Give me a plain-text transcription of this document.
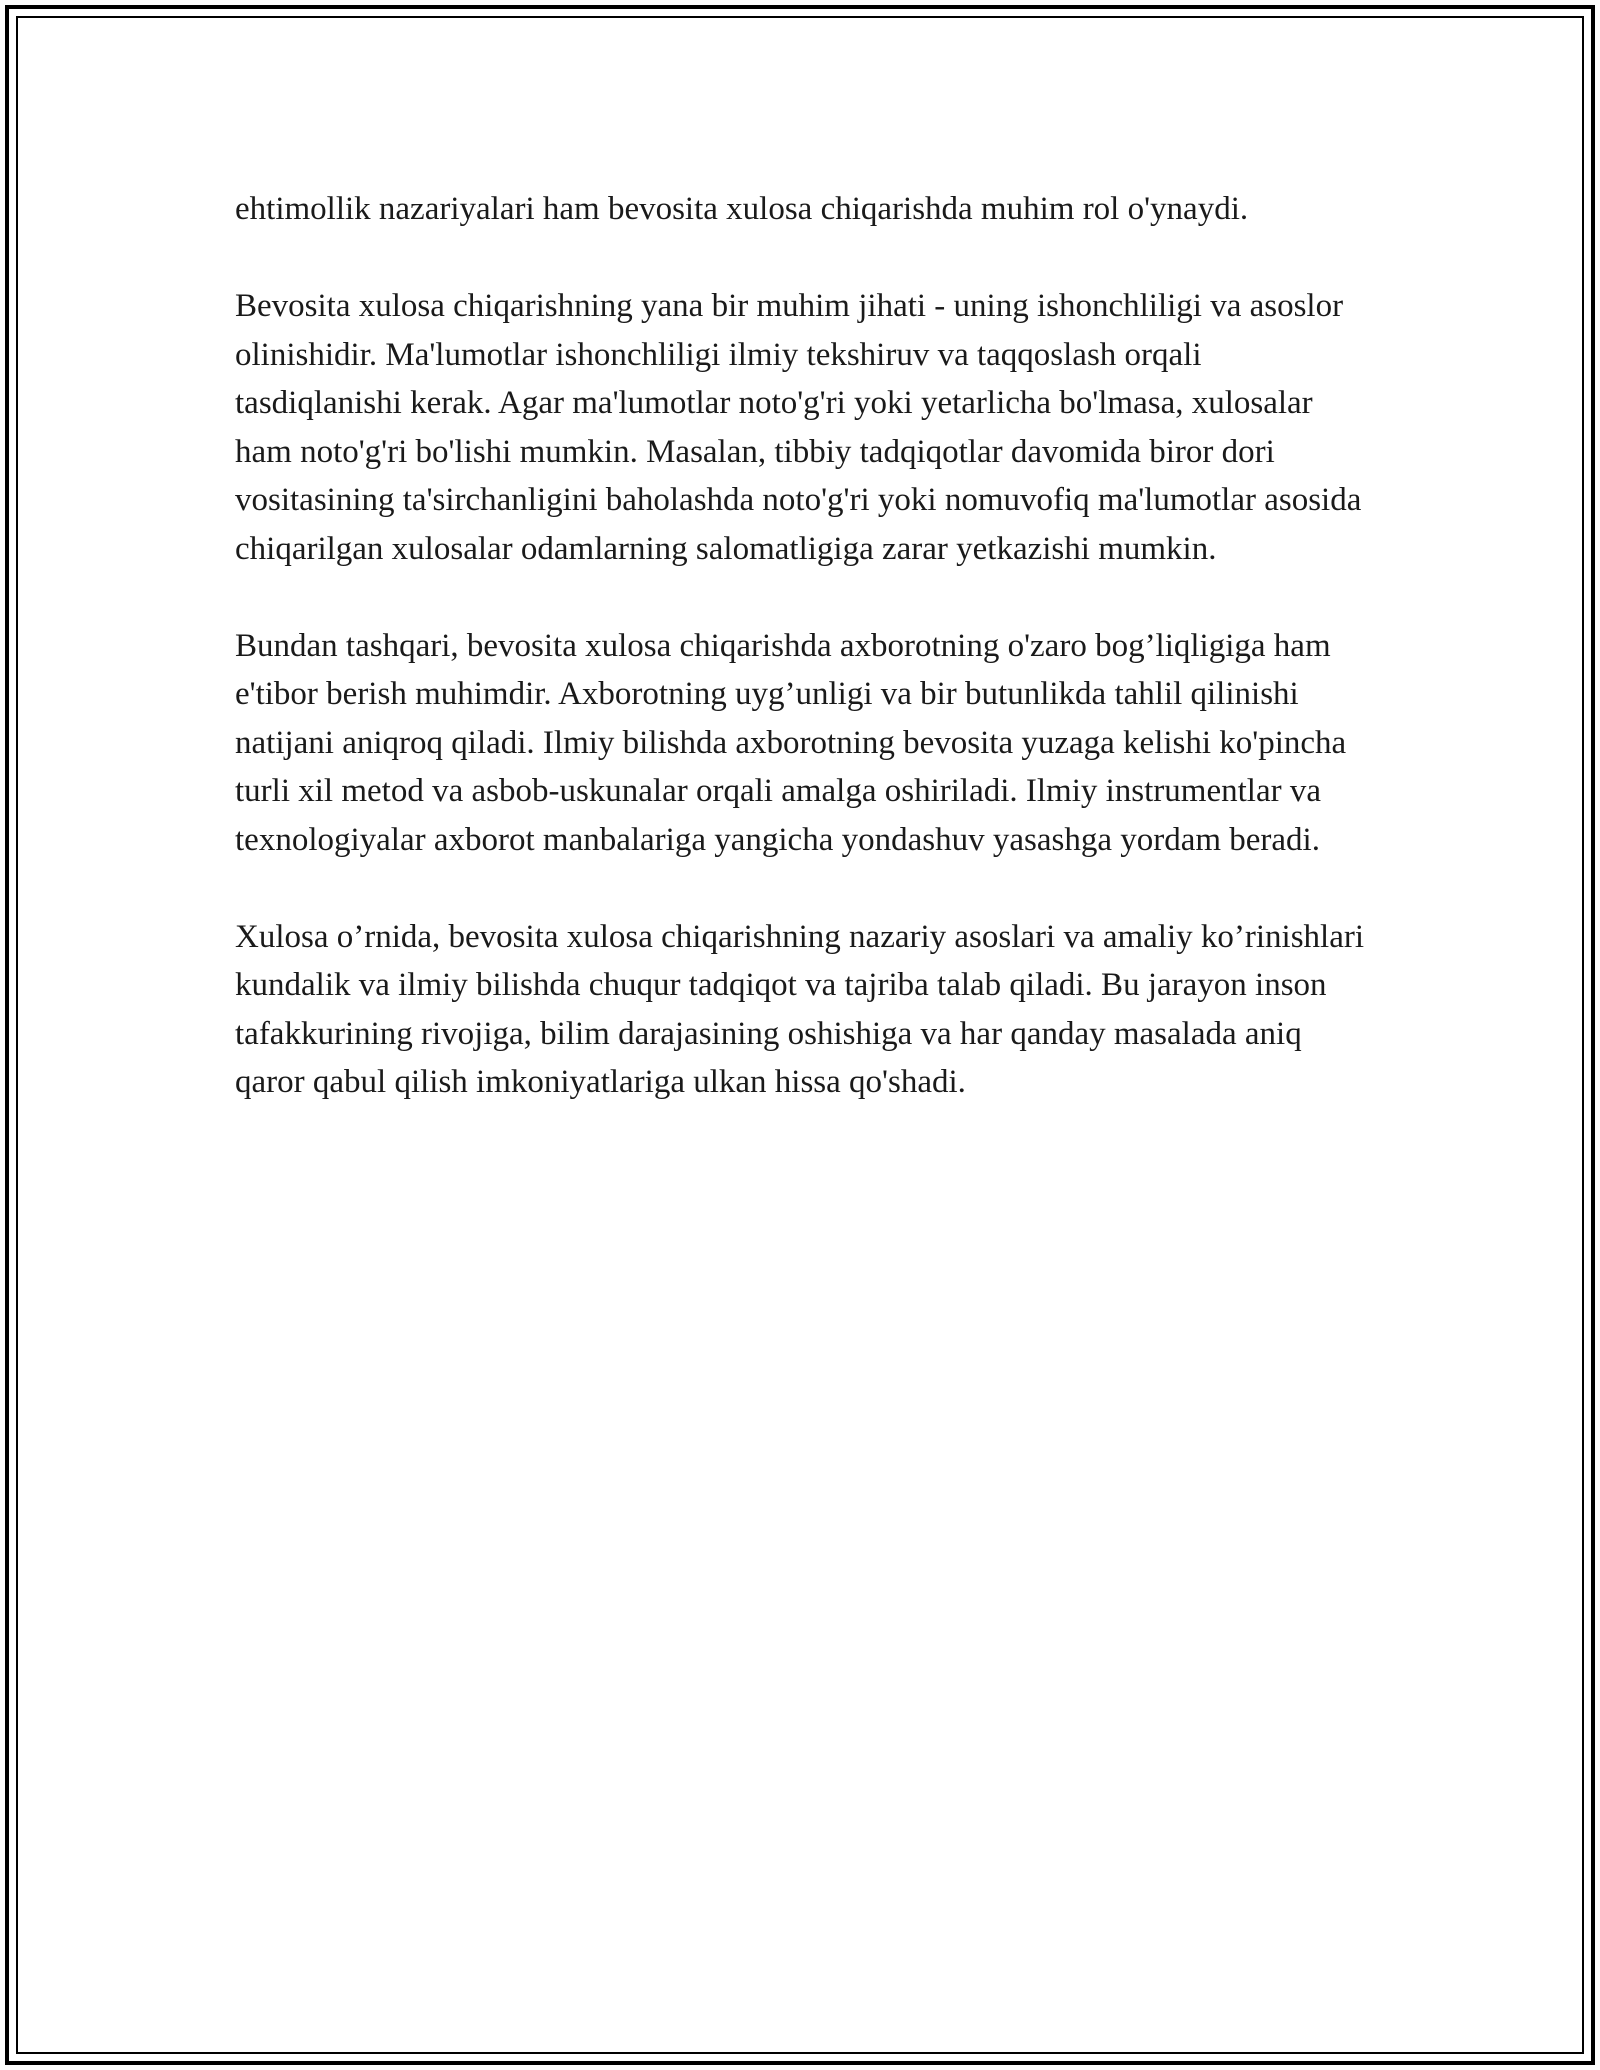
ehtimollik nazariyalari ham bevosita xulosa chiqarishda muhim rol o'ynaydi.

Bevosita xulosa chiqarishning yana bir muhim jihati - uning ishonchliligi va asoslor olinishidir. Ma'lumotlar ishonchliligi ilmiy tekshiruv va taqqoslash orqali tasdiqlanishi kerak. Agar ma'lumotlar noto'g'ri yoki yetarlicha bo'lmasa, xulosalar ham noto'g'ri bo'lishi mumkin. Masalan, tibbiy tadqiqotlar davomida biror dori vositasining ta'sirchanligini baholashda noto'g'ri yoki nomuvofiq ma'lumotlar asosida chiqarilgan xulosalar odamlarning salomatligiga zarar yetkazishi mumkin.

Bundan tashqari, bevosita xulosa chiqarishda axborotning o'zaro bog’liqligiga ham e'tibor berish muhimdir. Axborotning uyg’unligi va bir butunlikda tahlil qilinishi natijani aniqroq qiladi. Ilmiy bilishda axborotning bevosita yuzaga kelishi ko'pincha turli xil metod va asbob-uskunalar orqali amalga oshiriladi. Ilmiy instrumentlar va texnologiyalar axborot manbalariga yangicha yondashuv yasashga yordam beradi.

Xulosa o’rnida, bevosita xulosa chiqarishning nazariy asoslari va amaliy ko’rinishlari kundalik va ilmiy bilishda chuqur tadqiqot va tajriba talab qiladi. Bu jarayon inson tafakkurining rivojiga, bilim darajasining oshishiga va har qanday masalada aniq qaror qabul qilish imkoniyatlariga ulkan hissa qo'shadi.
